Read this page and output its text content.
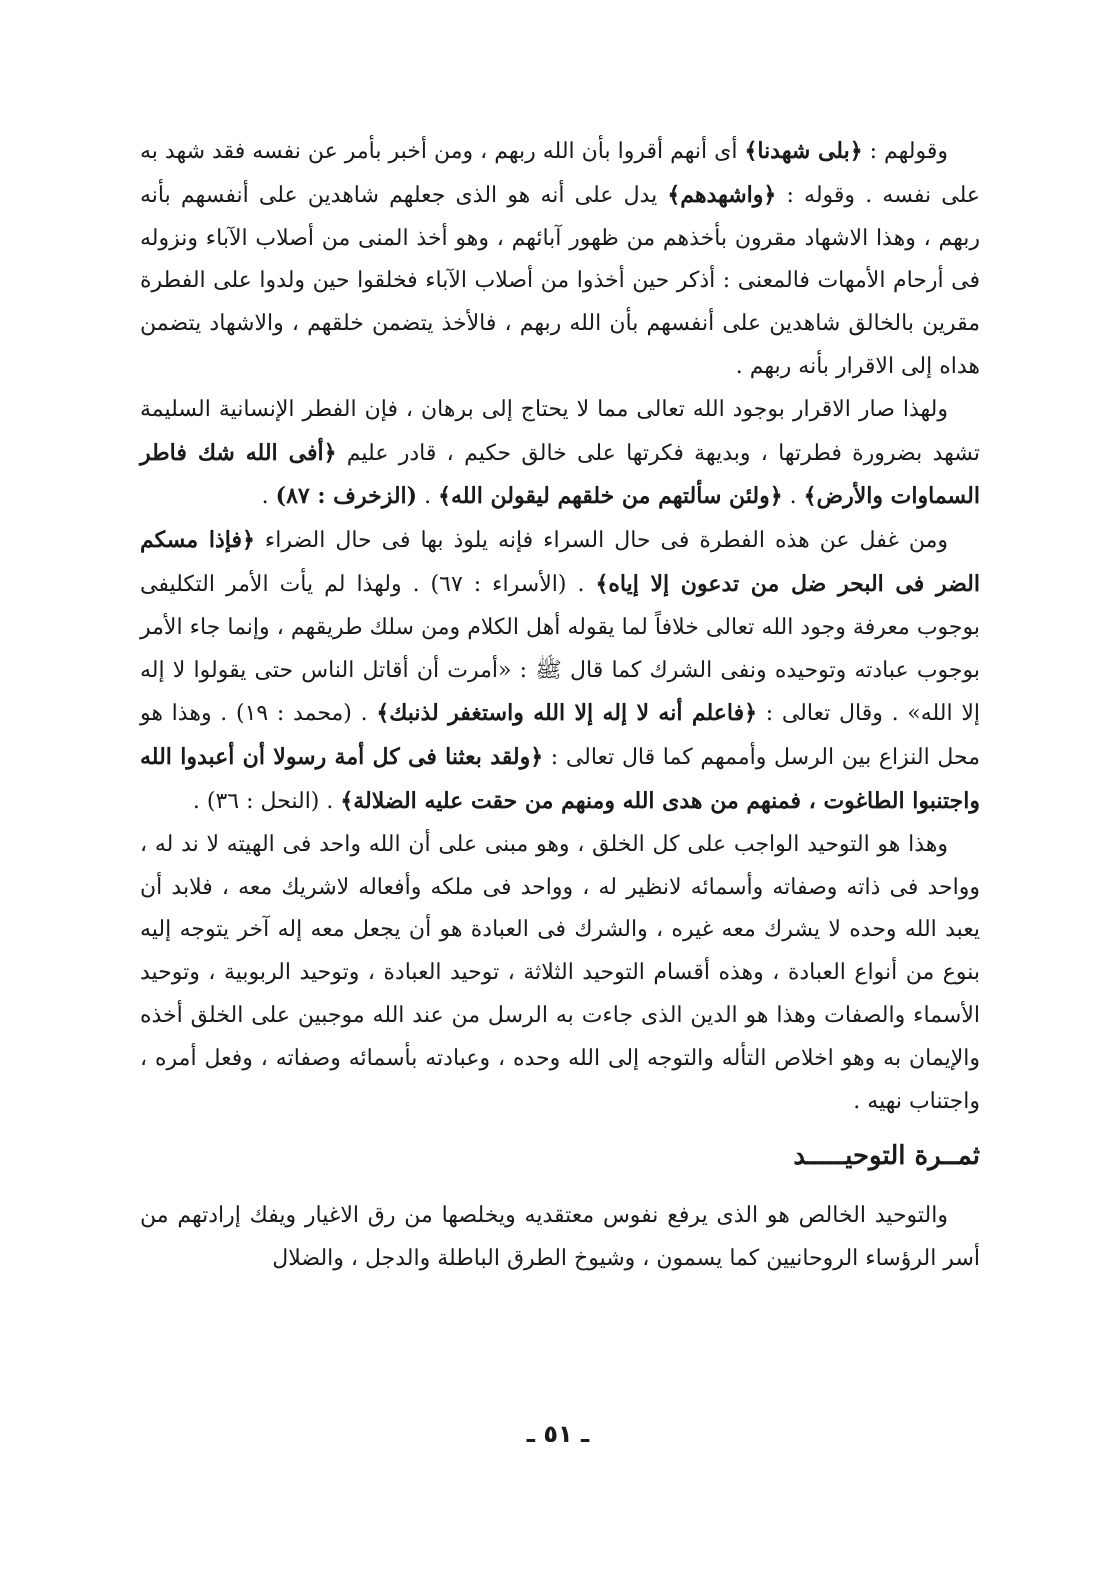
وقولهم : ﴿بلى شهدنا﴾ أى أنهم أقروا بأن الله ربهم ، ومن أخبر بأمر عن نفسه فقد شهد به على نفسه . وقوله : ﴿واشهدهم﴾ يدل على أنه هو الذى جعلهم شاهدين على أنفسهم بأنه ربهم ، وهذا الاشهاد مقرون بأخذهم من ظهور آبائهم ، وهو أخذ المنى من أصلاب الآباء ونزوله فى أرحام الأمهات فالمعنى : أذكر حين أخذوا من أصلاب الآباء فخلقوا حين ولدوا على الفطرة مقرين بالخالق شاهدين على أنفسهم بأن الله ربهم ، فالأخذ يتضمن خلقهم ، والاشهاد يتضمن هداه إلى الاقرار بأنه ربهم .

ولهذا صار الاقرار بوجود الله تعالى مما لا يحتاج إلى برهان ، فإن الفطر الإنسانية السليمة تشهد بضرورة فطرتها ، وبديهة فكرتها على خالق حكيم ، قادر عليم ﴿أفى الله شك فاطر السماوات والأرض﴾ . ﴿ولئن سألتهم من خلقهم ليقولن الله﴾ . (الزخرف : ٨٧) .

ومن غفل عن هذه الفطرة فى حال السراء فإنه يلوذ بها فى حال الضراء ﴿فإذا مسكم الضر فى البحر ضل من تدعون إلا إياه﴾ . (الأسراء : ٦٧) . ولهذا لم يأت الأمر التكليفى بوجوب معرفة وجود الله تعالى خلافاً لما يقوله أهل الكلام ومن سلك طريقهم ، وإنما جاء الأمر بوجوب عبادته وتوحيده ونفى الشرك كما قال ﷺ : «أمرت أن أقاتل الناس حتى يقولوا لا إله إلا الله» . وقال تعالى : ﴿فاعلم أنه لا إله إلا الله واستغفر لذنبك﴾ . (محمد : ١٩) . وهذا هو محل النزاع بين الرسل وأممهم كما قال تعالى : ﴿ولقد بعثنا فى كل أمة رسولا أن أعبدوا الله واجتنبوا الطاغوت ، فمنهم من هدى الله ومنهم من حقت عليه الضلالة﴾ . (النحل : ٣٦) .

وهذا هو التوحيد الواجب على كل الخلق ، وهو مبنى على أن الله واحد فى الهيته لا ند له ، وواحد فى ذاته وصفاته وأسمائه لانظير له ، وواحد فى ملكه وأفعاله لاشريك معه ، فلابد أن يعبد الله وحده لا يشرك معه غيره ، والشرك فى العبادة هو أن يجعل معه إله آخر يتوجه إليه بنوع من أنواع العبادة ، وهذه أقسام التوحيد الثلاثة ، توحيد العبادة ، وتوحيد الربوبية ، وتوحيد الأسماء والصفات وهذا هو الدين الذى جاءت به الرسل من عند الله موجبين على الخلق أخذه والإيمان به وهو اخلاص التأله والتوجه إلى الله وحده ، وعبادته بأسمائه وصفاته ، وفعل أمره ، واجتناب نهيه .

ثمــرة التوحيـــــد

والتوحيد الخالص هو الذى يرفع نفوس معتقديه ويخلصها من رق الاغيار ويفك إرادتهم من أسر الرؤساء الروحانيين كما يسمون ، وشيوخ الطرق الباطلة والدجل ، والضلال

ـ ٥١ ـ
